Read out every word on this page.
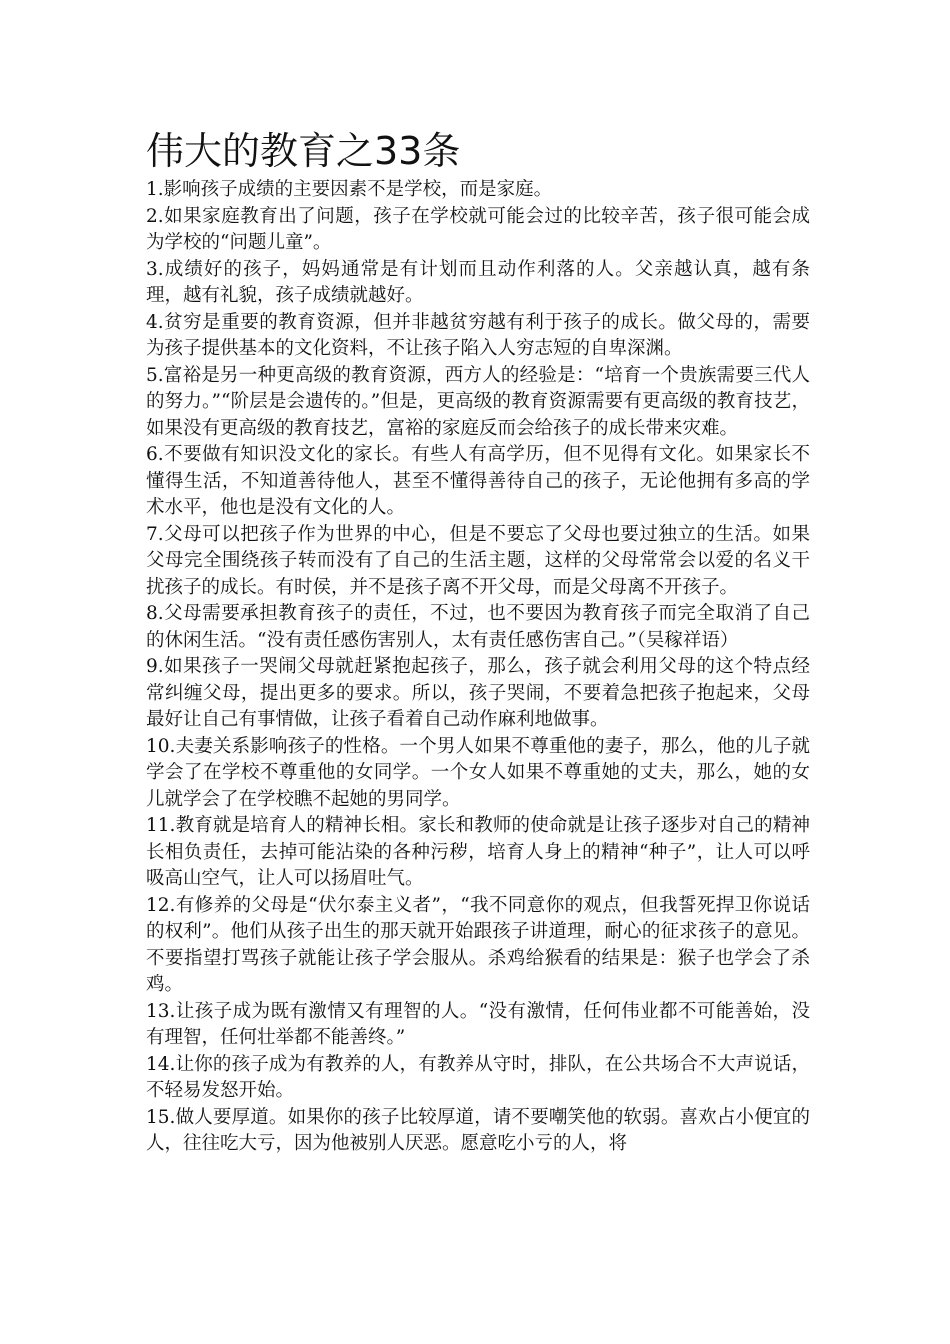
伟大的教育之33条

1.影响孩子成绩的主要因素不是学校，而是家庭。

2.如果家庭教育出了问题，孩子在学校就可能会过的比较辛苦，孩子很可能会成为学校的“问题儿童”。

3.成绩好的孩子，妈妈通常是有计划而且动作利落的人。父亲越认真，越有条理，越有礼貌，孩子成绩就越好。

4.贫穷是重要的教育资源，但并非越贫穷越有利于孩子的成长。做父母的，需要为孩子提供基本的文化资料，不让孩子陷入人穷志短的自卑深渊。

5.富裕是另一种更高级的教育资源，西方人的经验是：“培育一个贵族需要三代人的努力。”“阶层是会遗传的。”但是，更高级的教育资源需要有更高级的教育技艺，如果没有更高级的教育技艺，富裕的家庭反而会给孩子的成长带来灾难。

6.不要做有知识没文化的家长。有些人有高学历，但不见得有文化。如果家长不懂得生活，不知道善待他人，甚至不懂得善待自己的孩子，无论他拥有多高的学术水平，他也是没有文化的人。

7.父母可以把孩子作为世界的中心，但是不要忘了父母也要过独立的生活。如果父母完全围绕孩子转而没有了自己的生活主题，这样的父母常常会以爱的名义干扰孩子的成长。有时侯，并不是孩子离不开父母，而是父母离不开孩子。

8.父母需要承担教育孩子的责任，不过，也不要因为教育孩子而完全取消了自己的休闲生活。“没有责任感伤害别人，太有责任感伤害自己。”（吴稼祥语）

9.如果孩子一哭闹父母就赶紧抱起孩子，那么，孩子就会利用父母的这个特点经常纠缠父母，提出更多的要求。所以，孩子哭闹，不要着急把孩子抱起来，父母最好让自己有事情做，让孩子看着自己动作麻利地做事。

10.夫妻关系影响孩子的性格。一个男人如果不尊重他的妻子，那么，他的儿子就学会了在学校不尊重他的女同学。一个女人如果不尊重她的丈夫，那么，她的女儿就学会了在学校瞧不起她的男同学。

11.教育就是培育人的精神长相。家长和教师的使命就是让孩子逐步对自己的精神长相负责任，去掉可能沾染的各种污秽，培育人身上的精神“种子”，让人可以呼吸高山空气，让人可以扬眉吐气。

12.有修养的父母是“伏尔泰主义者”，“我不同意你的观点，但我誓死捍卫你说话的权利”。他们从孩子出生的那天就开始跟孩子讲道理，耐心的征求孩子的意见。不要指望打骂孩子就能让孩子学会服从。杀鸡给猴看的结果是：猴子也学会了杀鸡。

13.让孩子成为既有激情又有理智的人。“没有激情，任何伟业都不可能善始，没有理智，任何壮举都不能善终。”

14.让你的孩子成为有教养的人，有教养从守时，排队，在公共场合不大声说话，不轻易发怒开始。

15.做人要厚道。如果你的孩子比较厚道，请不要嘲笑他的软弱。喜欢占小便宜的人，往往吃大亏，因为他被别人厌恶。愿意吃小亏的人，将
